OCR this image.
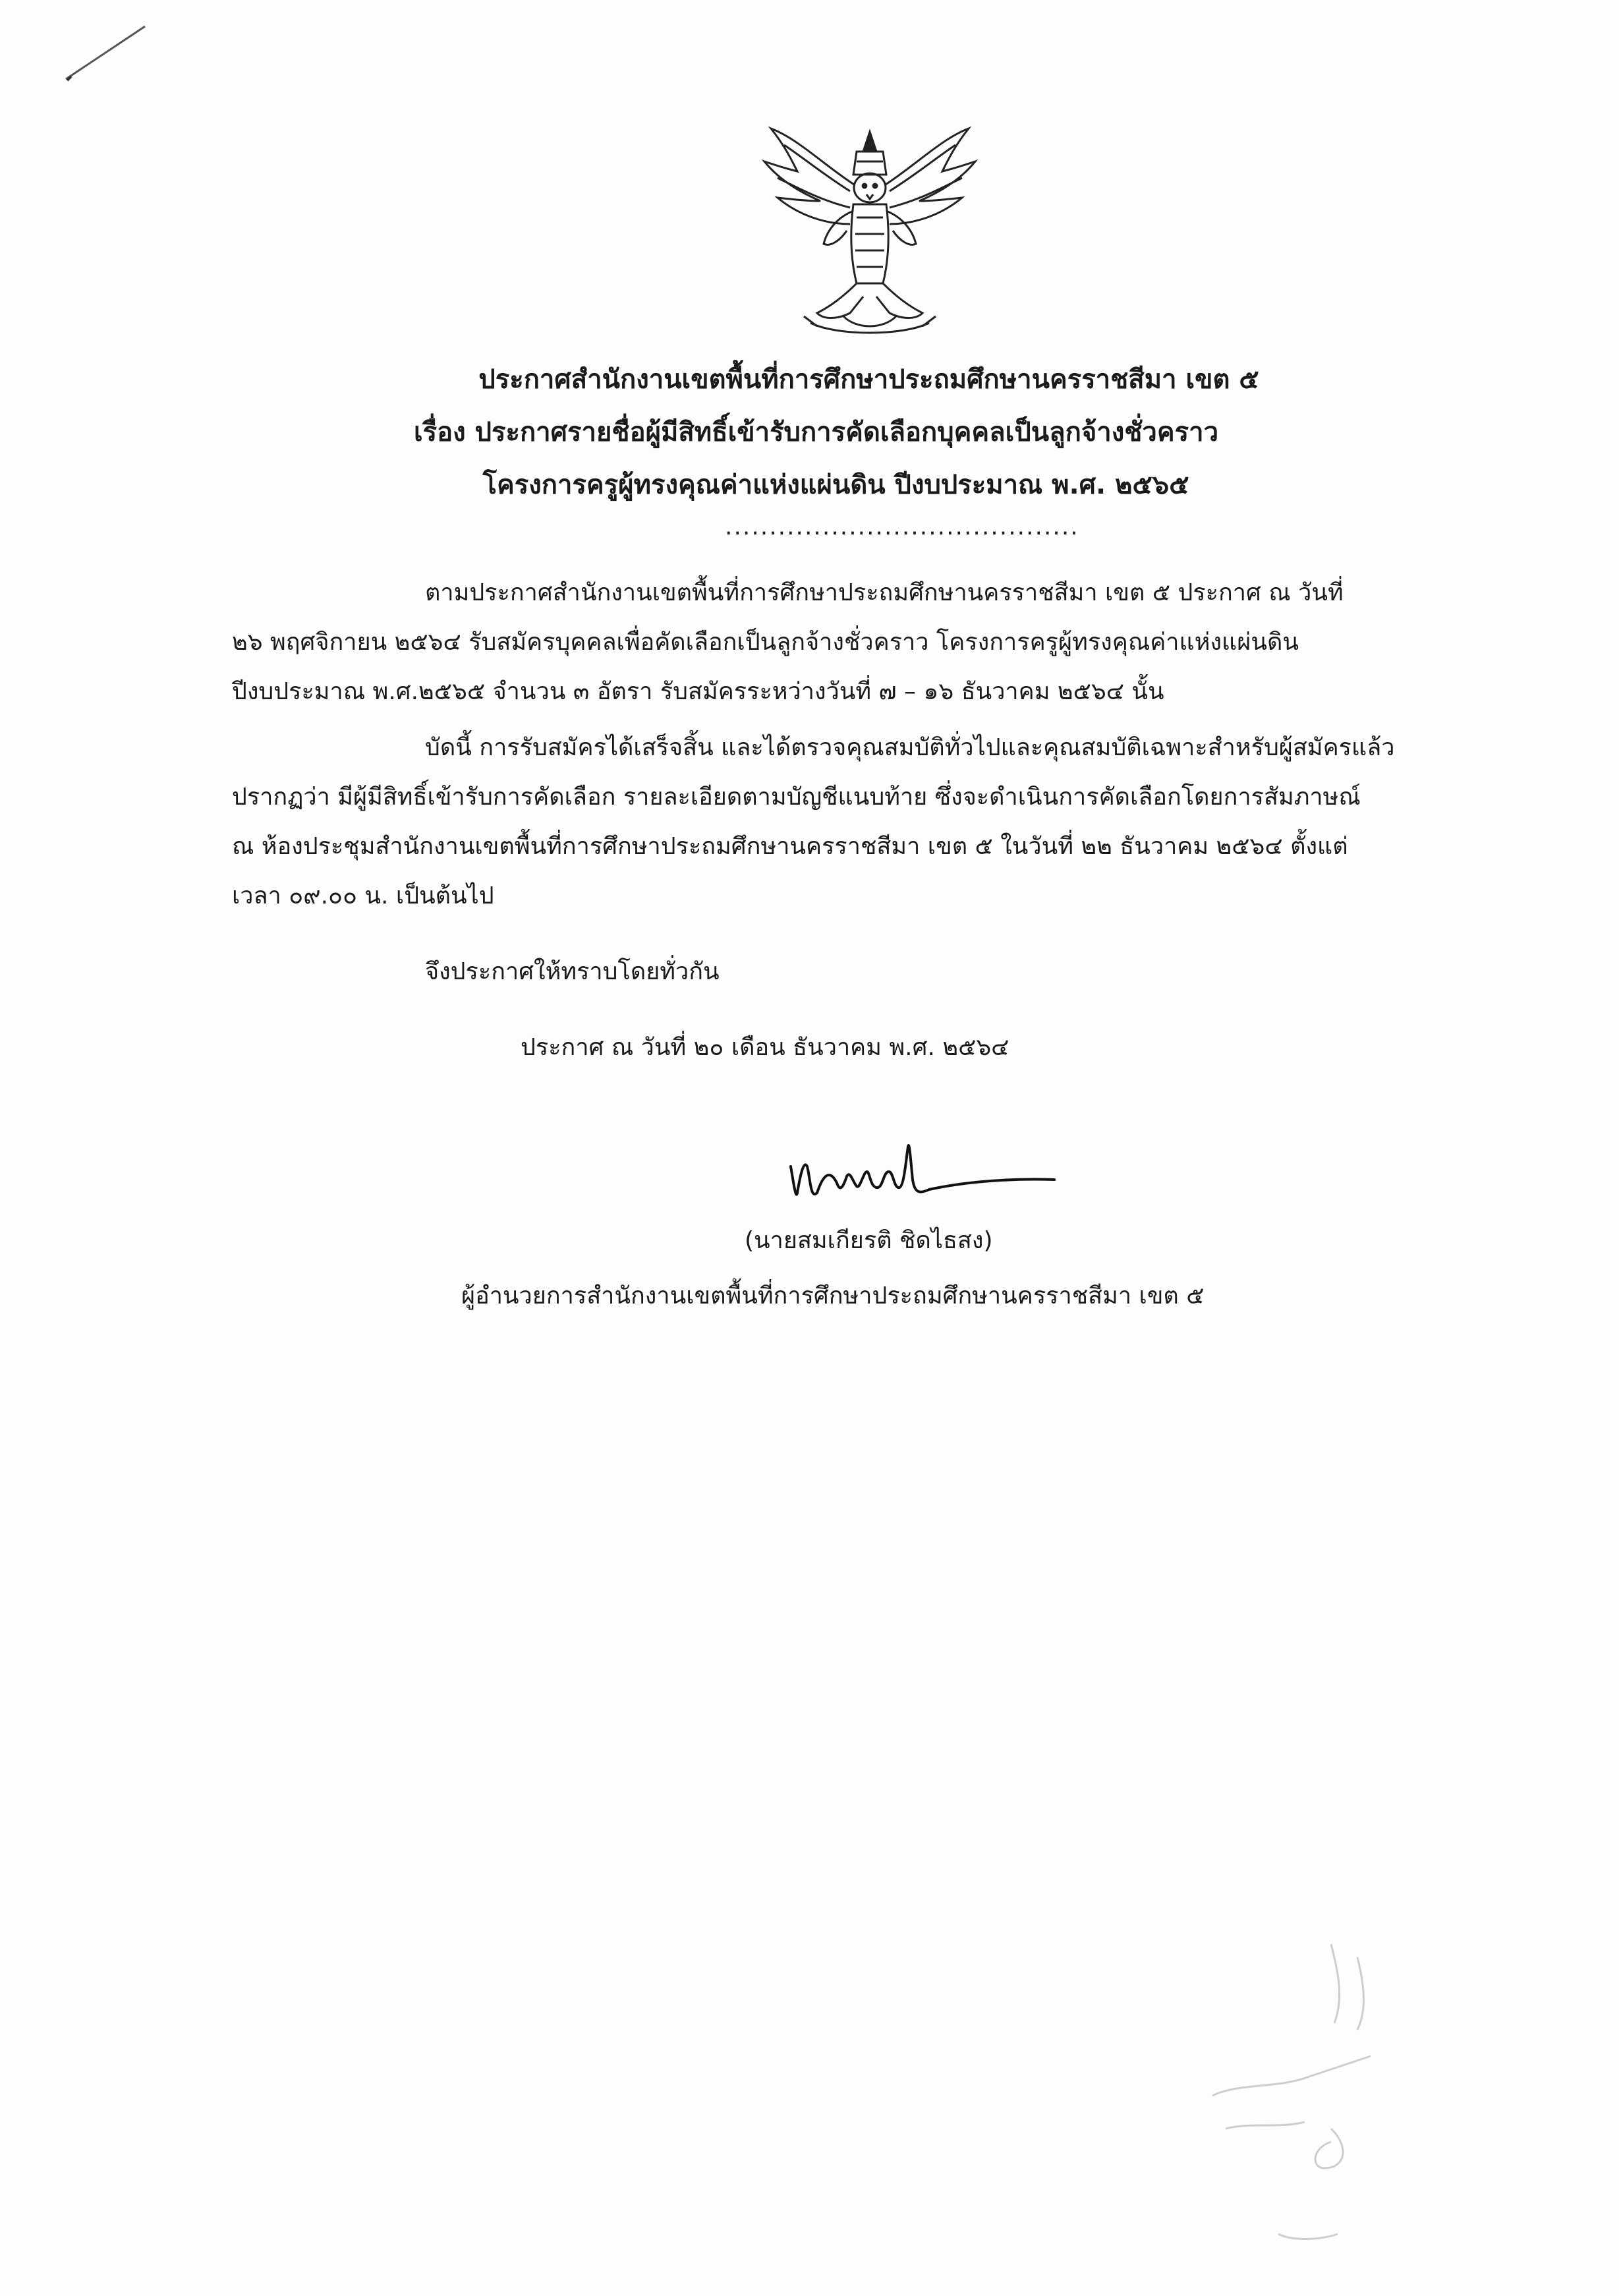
ประกาศสำนักงานเขตพื้นที่การศึกษาประถมศึกษานครราชสีมา เขต ๕
เรื่อง ประกาศรายชื่อผู้มีสิทธิ์เข้ารับการคัดเลือกบุคคลเป็นลูกจ้างชั่วคราว
โครงการครูผู้ทรงคุณค่าแห่งแผ่นดิน ปีงบประมาณ พ.ศ. ๒๕๖๕
........................................
ตามประกาศสำนักงานเขตพื้นที่การศึกษาประถมศึกษานครราชสีมา เขต ๕ ประกาศ ณ วันที่
๒๖ พฤศจิกายน ๒๕๖๔ รับสมัครบุคคลเพื่อคัดเลือกเป็นลูกจ้างชั่วคราว โครงการครูผู้ทรงคุณค่าแห่งแผ่นดิน
ปีงบประมาณ พ.ศ.๒๕๖๕ จำนวน ๓ อัตรา รับสมัครระหว่างวันที่ ๗ – ๑๖ ธันวาคม ๒๕๖๔ นั้น
บัดนี้ การรับสมัครได้เสร็จสิ้น และได้ตรวจคุณสมบัติทั่วไปและคุณสมบัติเฉพาะสำหรับผู้สมัครแล้ว
ปรากฏว่า มีผู้มีสิทธิ์เข้ารับการคัดเลือก รายละเอียดตามบัญชีแนบท้าย ซึ่งจะดำเนินการคัดเลือกโดยการสัมภาษณ์
ณ ห้องประชุมสำนักงานเขตพื้นที่การศึกษาประถมศึกษานครราชสีมา เขต ๕ ในวันที่ ๒๒ ธันวาคม ๒๕๖๔ ตั้งแต่
เวลา ๐๙.๐๐ น. เป็นต้นไป
จึงประกาศให้ทราบโดยทั่วกัน
ประกาศ ณ วันที่ ๒๐ เดือน ธันวาคม พ.ศ. ๒๕๖๔
(นายสมเกียรติ ชิดไธสง)
ผู้อำนวยการสำนักงานเขตพื้นที่การศึกษาประถมศึกษานครราชสีมา เขต ๕
